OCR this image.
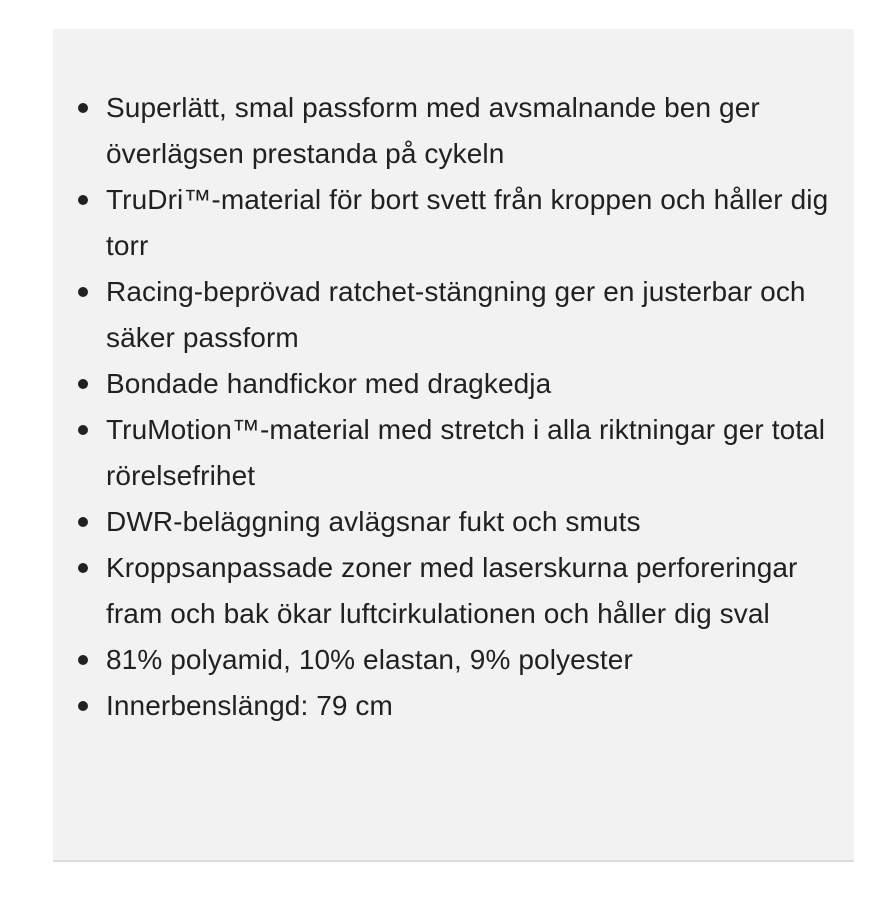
Superlätt, smal passform med avsmalnande ben ger överlägsen prestanda på cykeln
TruDri™-material för bort svett från kroppen och håller dig torr
Racing-beprövad ratchet-stängning ger en justerbar och säker passform
Bondade handfickor med dragkedja
TruMotion™-material med stretch i alla riktningar ger total rörelsefrihet
DWR-beläggning avlägsnar fukt och smuts
Kroppsanpassade zoner med laserskurna perforeringar fram och bak ökar luftcirkulationen och håller dig sval
81% polyamid, 10% elastan, 9% polyester
Innerbenslängd: 79 cm
